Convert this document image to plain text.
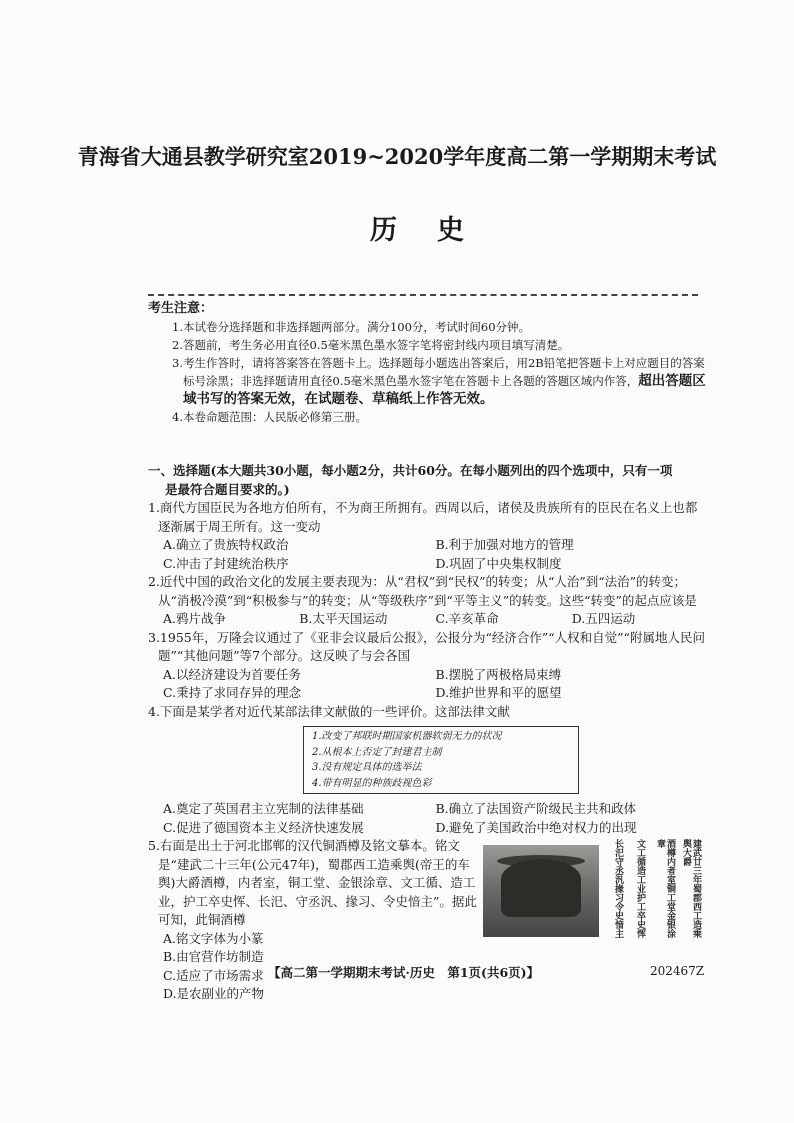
青海省大通县教学研究室2019~2020学年度高二第一学期期末考试
历史
考生注意：
1.本试卷分选择题和非选择题两部分。满分100分，考试时间60分钟。
2.答题前，考生务必用直径0.5毫米黑色墨水签字笔将密封线内项目填写清楚。
3.考生作答时，请将答案答在答题卡上。选择题每小题选出答案后，用2B铅笔把答题卡上对应题目的答案标号涂黑；非选择题请用直径0.5毫米黑色墨水签字笔在答题卡上各题的答题区域内作答，超出答题区域书写的答案无效，在试题卷、草稿纸上作答无效。
4.本卷命题范围：人民版必修第三册。
一、选择题(本大题共30小题，每小题2分，共计60分。在每小题列出的四个选项中，只有一项
是最符合题目要求的。)
1.商代方国臣民为各地方伯所有，不为商王所拥有。西周以后，诸侯及贵族所有的臣民在名义上也都逐渐属于周王所有。这一变动
A.确立了贵族特权政治	B.利于加强对地方的管理
C.冲击了封建统治秩序	D.巩固了中央集权制度
2.近代中国的政治文化的发展主要表现为：从“君权”到“民权”的转变；从“人治”到“法治”的转变；从“消极冷漠”到“积极参与”的转变；从“等级秩序”到“平等主义”的转变。这些“转变”的起点应该是
A.鸦片战争	B.太平天国运动	C.辛亥革命	D.五四运动
3.1955年，万隆会议通过了《亚非会议最后公报》，公报分为“经济合作”“人权和自觉”“附属地人民问题”“其他问题”等7个部分。这反映了与会各国
A.以经济建设为首要任务	B.摆脱了两极格局束缚
C.秉持了求同存异的理念	D.维护世界和平的愿望
4.下面是某学者对近代某部法律文献做的一些评价。这部法律文献
1.改变了邦联时期国家机器软弱无力的状况
2.从根本上否定了封建君主制
3.没有规定具体的选举法
4.带有明显的种族歧视色彩
A.奠定了英国君主立宪制的法律基础	B.确立了法国资产阶级民主共和政体
C.促进了德国资本主义经济快速发展	D.避免了美国政治中绝对权力的出现
5.右面是出土于河北邯郸的汉代铜酒樽及铭文摹本。铭文是“建武二十三年(公元47年)，蜀郡西工造乘舆(帝王的车舆)大爵酒樽，内者室，铜工堂、金银涂章、文工循、造工业，护工卒史恽、长汜、守丞汎、掾习、令史愔主”。据此可知，此铜酒樽
A.铭文字体为小篆
B.由官营作坊制造
C.适应了市场需求
D.是农副业的产物
建武廿三年蜀郡西工造乘舆大爵
酒樽内者室铜工堂金银涂章
文工循造工业护工卒史恽
长汜守丞汎掾习令史愔主
【高二第一学期期末考试·历史　第1页(共6页)】	202467Z
